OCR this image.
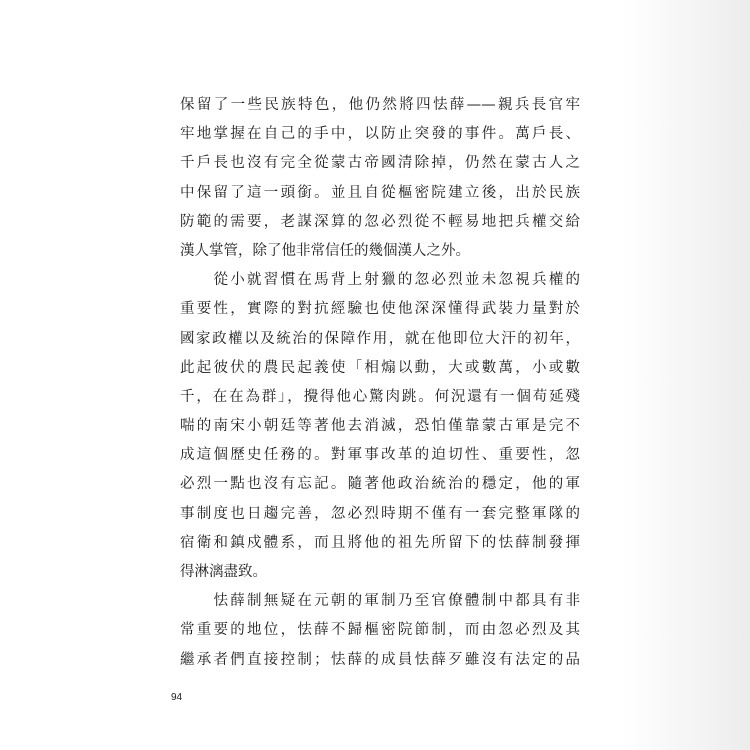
保留了一些民族特色，他仍然將四怯薛——親兵長官牢
牢地掌握在自己的手中，以防止突發的事件。萬戶長、
千戶長也沒有完全從蒙古帝國清除掉，仍然在蒙古人之
中保留了這一頭銜。並且自從樞密院建立後，出於民族
防範的需要，老謀深算的忽必烈從不輕易地把兵權交給
漢人掌管，除了他非常信任的幾個漢人之外。
　　從小就習慣在馬背上射獵的忽必烈並未忽視兵權的
重要性，實際的對抗經驗也使他深深懂得武裝力量對於
國家政權以及統治的保障作用，就在他即位大汗的初年，
此起彼伏的農民起義使「相煽以動，大或數萬，小或數
千，在在為群」，攪得他心驚肉跳。何況還有一個苟延殘
喘的南宋小朝廷等著他去消滅，恐怕僅靠蒙古軍是完不
成這個歷史任務的。對軍事改革的迫切性、重要性，忽
必烈一點也沒有忘記。隨著他政治統治的穩定，他的軍
事制度也日趨完善，忽必烈時期不僅有一套完整軍隊的
宿衛和鎮戍體系，而且將他的祖先所留下的怯薛制發揮
得淋漓盡致。
　　怯薛制無疑在元朝的軍制乃至官僚體制中都具有非
常重要的地位，怯薛不歸樞密院節制，而由忽必烈及其
繼承者們直接控制；怯薛的成員怯薛歹雖沒有法定的品
94
